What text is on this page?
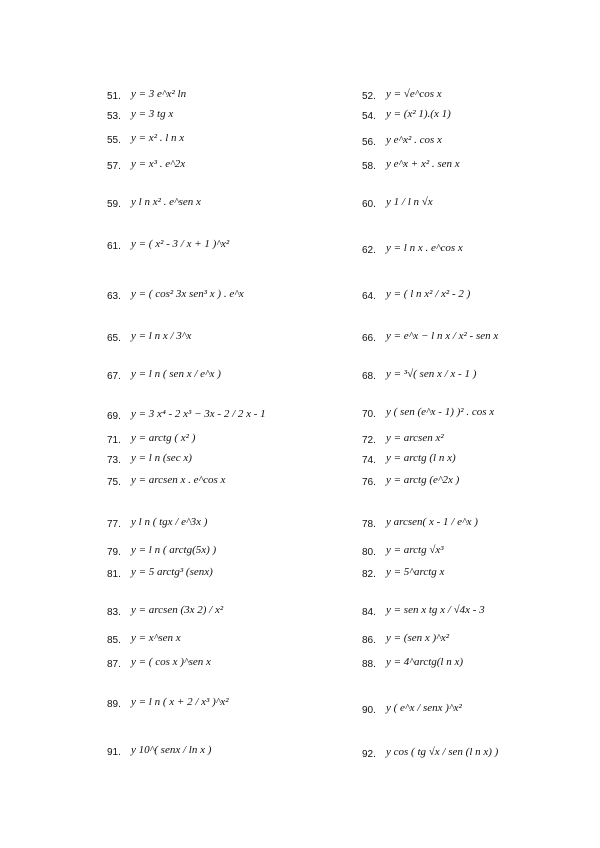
51. y = 3 e^x² ln
53. y = 3 tg x
55. y = x² . l n x
57. y = x³ . e^2x
59. y l n x² . e^sen x
61. y = ( x² - 3 / x + 1 )^x²
63. y = ( cos² 3x sen³ x ) . e^x
65. y = l n x / 3^x
67. y = l n ( sen x / e^x )
69. y = 3 x⁴ - 2 x³ − 3x - 2 / 2 x - 1
71. y = arctg ( x² )
73. y = l n (sec x)
75. y = arcsen x . e^cos x
77. y l n ( tgx / e^3x )
79. y = l n ( arctg(5x) )
81. y = 5 arctg³ (senx)
83. y = arcsen (3x 2) / x²
85. y = x^sen x
87. y = ( cos x )^sen x
89. y = l n ( x + 2 / x³ )^x²
91. y 10^( senx / ln x )
52. y = √e^cos x
54. y = (x² 1).(x 1)
56. y e^x² . cos x
58. y e^x + x² . sen x
60. y 1 / l n √x
62. y = l n x . e^cos x
64. y = ( l n x² / x² - 2 )
66. y = e^x − l n x / x² - sen x
68. y = ³√( sen x / x - 1 )
70. y ( sen (e^x - 1) )² . cos x
72. y = arcsen x²
74. y = arctg (l n x)
76. y = arctg (e^2x )
78. y arcsen( x - 1 / e^x )
80. y = arctg √x³
82. y = 5^arctg x
84. y = sen x tg x / √4x - 3
86. y = (sen x )^x²
88. y = 4^arctg(l n x)
90. y ( e^x / senx )^x²
92. y cos ( tg √x / sen (l n x) )
